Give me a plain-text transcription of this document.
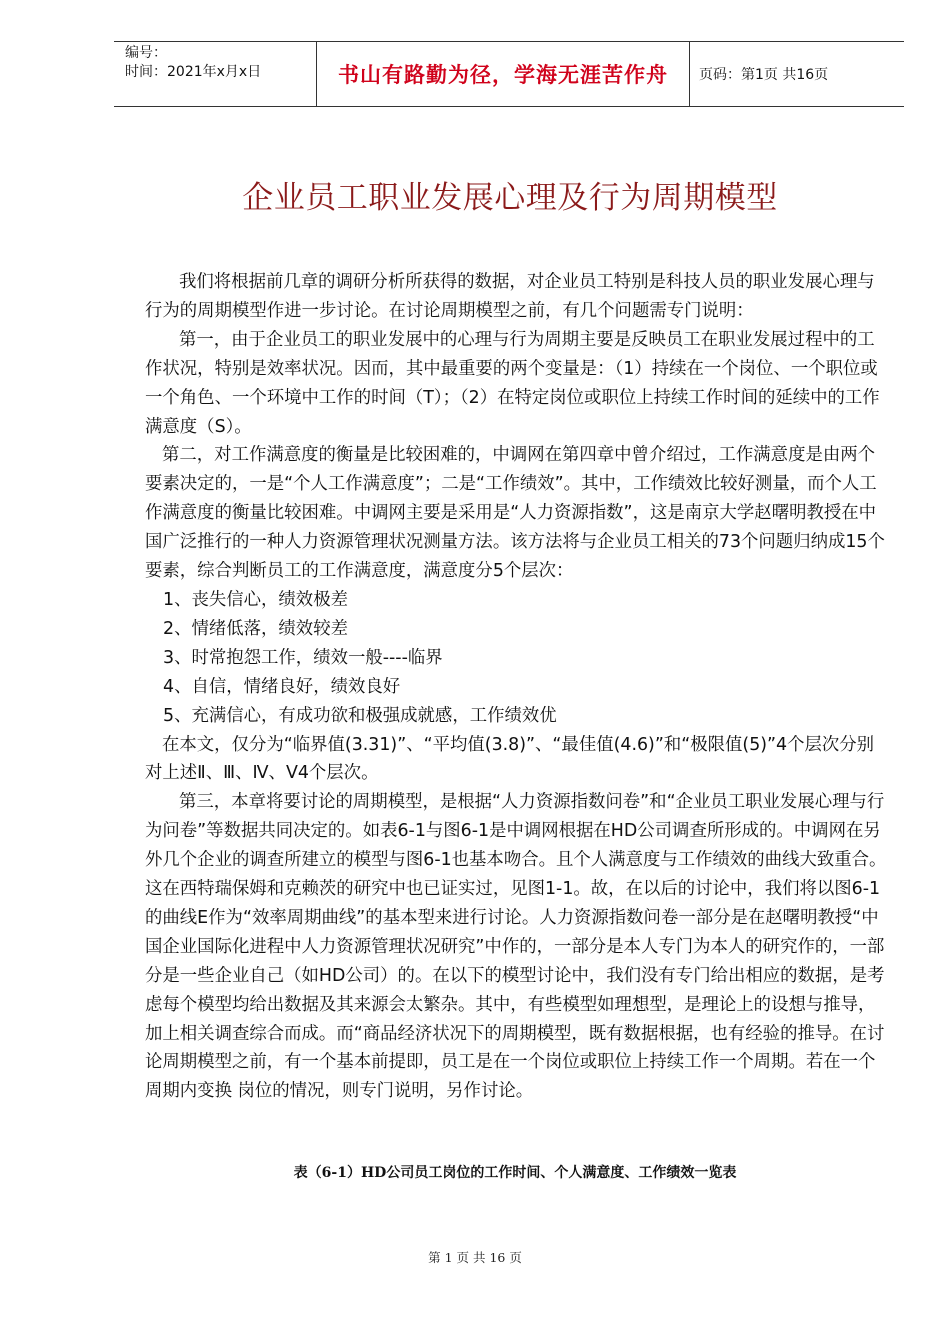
编号：
时间：2021年x月x日	书山有路勤为径，学海无涯苦作舟	页码：第1页 共16页
企业员工职业发展心理及行为周期模型

我们将根据前几章的调研分析所获得的数据，对企业员工特别是科技人员的职业发展心理与行为的周期模型作进一步讨论。在讨论周期模型之前，有几个问题需专门说明：

第一，由于企业员工的职业发展中的心理与行为周期主要是反映员工在职业发展过程中的工作状况，特别是效率状况。因而，其中最重要的两个变量是：（1）持续在一个岗位、一个职位或一个角色、一个环境中工作的时间（T）；（2）在特定岗位或职位上持续工作时间的延续中的工作满意度（S）。

第二，对工作满意度的衡量是比较困难的，中调网在第四章中曾介绍过，工作满意度是由两个要素决定的，一是“个人工作满意度”；二是“工作绩效”。其中，工作绩效比较好测量，而个人工作满意度的衡量比较困难。中调网主要是采用是“人力资源指数”，这是南京大学赵曙明教授在中国广泛推行的一种人力资源管理状况测量方法。该方法将与企业员工相关的73个问题归纳成15个要素，综合判断员工的工作满意度，满意度分5个层次：

1、丧失信心，绩效极差

2、情绪低落，绩效较差

3、时常抱怨工作，绩效一般----临界

4、自信，情绪良好，绩效良好

5、充满信心，有成功欲和极强成就感，工作绩效优

在本文，仅分为“临界值(3.31)”、“平均值(3.8)”、“最佳值(4.6)”和“极限值(5)”4个层次分别对上述Ⅱ、Ⅲ、Ⅳ、Ⅴ4个层次。

第三，本章将要讨论的周期模型，是根据“人力资源指数问卷”和“企业员工职业发展心理与行为问卷”等数据共同决定的。如表6-1与图6-1是中调网根据在HD公司调查所形成的。中调网在另外几个企业的调查所建立的模型与图6-1也基本吻合。且个人满意度与工作绩效的曲线大致重合。这在西特瑞保姆和克赖茨的研究中也已证实过，见图1-1。故，在以后的讨论中，我们将以图6-1的曲线E作为“效率周期曲线”的基本型来进行讨论。人力资源指数问卷一部分是在赵曙明教授“中国企业国际化进程中人力资源管理状况研究”中作的，一部分是本人专门为本人的研究作的，一部分是一些企业自己（如HD公司）的。在以下的模型讨论中，我们没有专门给出相应的数据，是考虑每个模型均给出数据及其来源会太繁杂。其中，有些模型如理想型，是理论上的设想与推导，加上相关调查综合而成。而“商品经济状况下的周期模型，既有数据根据，也有经验的推导。在讨论周期模型之前，有一个基本前提即，员工是在一个岗位或职位上持续工作一个周期。若在一个周期内变换 岗位的情况，则专门说明，另作讨论。

表（6-1）HD公司员工岗位的工作时间、个人满意度、工作绩效一览表
第 1 页 共 16 页
